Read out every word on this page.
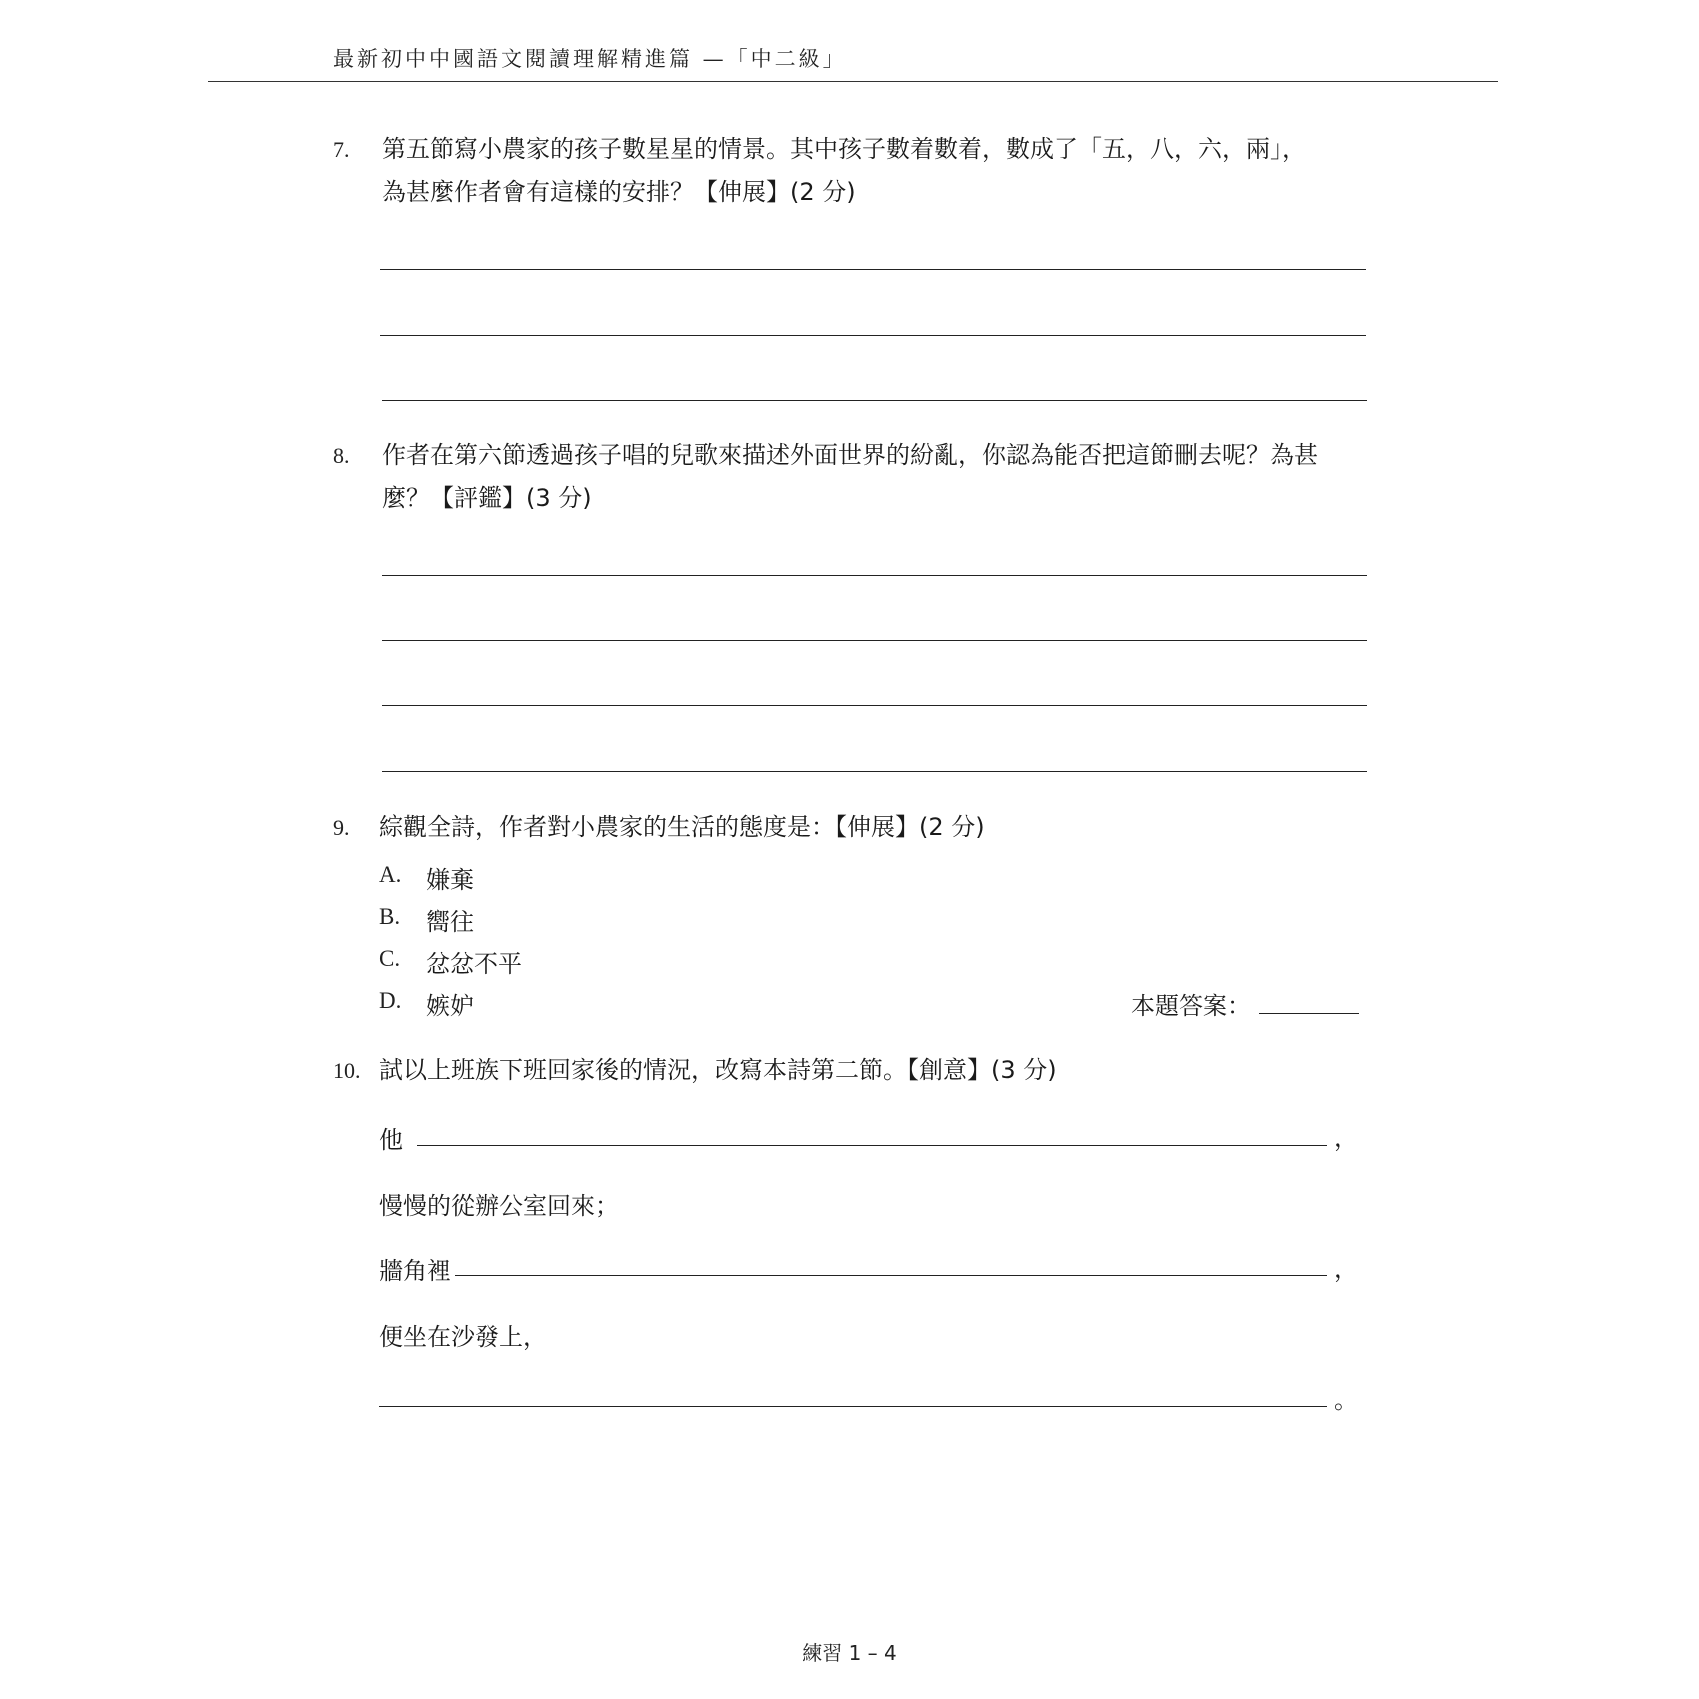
最新初中中國語文閱讀理解精進篇 —「中二級」
7. 第五節寫小農家的孩子數星星的情景。其中孩子數着數着，數成了「五，八，六，兩」，
為甚麼作者會有這樣的安排？【伸展】(2 分)
8. 作者在第六節透過孩子唱的兒歌來描述外面世界的紛亂，你認為能否把這節刪去呢？為甚
麼？【評鑑】(3 分)
9. 綜觀全詩，作者對小農家的生活的態度是：【伸展】(2 分)
A. 嫌棄
B. 嚮往
C. 忿忿不平
D. 嫉妒	本題答案：
10. 試以上班族下班回家後的情況，改寫本詩第二節。【創意】(3 分)
他	，
慢慢的從辦公室回來；
牆角裡	，
便坐在沙發上，
。
練習 1 – 4
